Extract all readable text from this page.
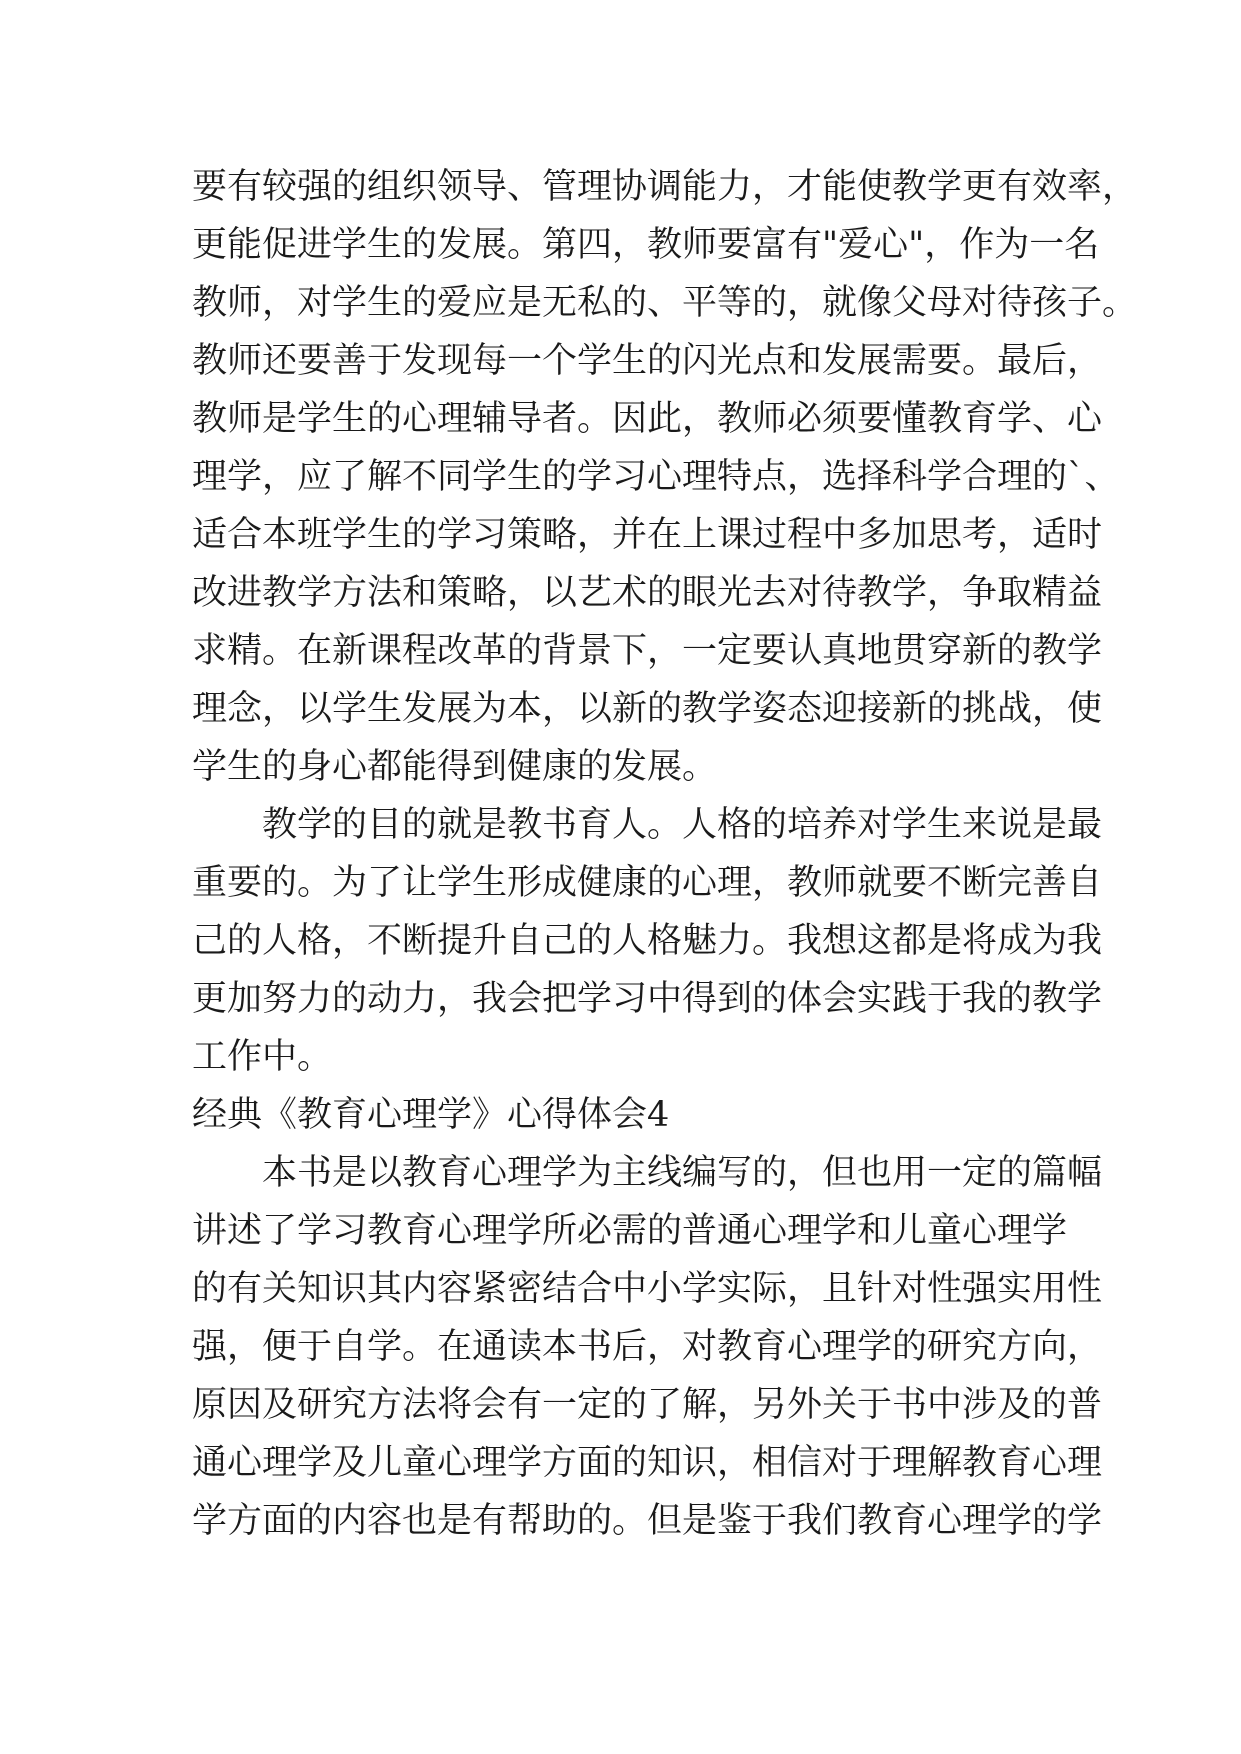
要有较强的组织领导、管理协调能力，才能使教学更有效率，
更能促进学生的发展。第四，教师要富有"爱心"，作为一名
教师，对学生的爱应是无私的、平等的，就像父母对待孩子。
教师还要善于发现每一个学生的闪光点和发展需要。最后，
教师是学生的心理辅导者。因此，教师必须要懂教育学、心
理学，应了解不同学生的学习心理特点，选择科学合理的`、
适合本班学生的学习策略，并在上课过程中多加思考，适时
改进教学方法和策略，以艺术的眼光去对待教学，争取精益
求精。在新课程改革的背景下，一定要认真地贯穿新的教学
理念，以学生发展为本，以新的教学姿态迎接新的挑战，使
学生的身心都能得到健康的发展。
教学的目的就是教书育人。人格的培养对学生来说是最
重要的。为了让学生形成健康的心理，教师就要不断完善自
己的人格，不断提升自己的人格魅力。我想这都是将成为我
更加努力的动力，我会把学习中得到的体会实践于我的教学
工作中。
经典《教育心理学》心得体会4
本书是以教育心理学为主线编写的，但也用一定的篇幅
讲述了学习教育心理学所必需的普通心理学和儿童心理学
的有关知识其内容紧密结合中小学实际，且针对性强实用性
强，便于自学。在通读本书后，对教育心理学的研究方向，
原因及研究方法将会有一定的了解，另外关于书中涉及的普
通心理学及儿童心理学方面的知识，相信对于理解教育心理
学方面的内容也是有帮助的。但是鉴于我们教育心理学的学
